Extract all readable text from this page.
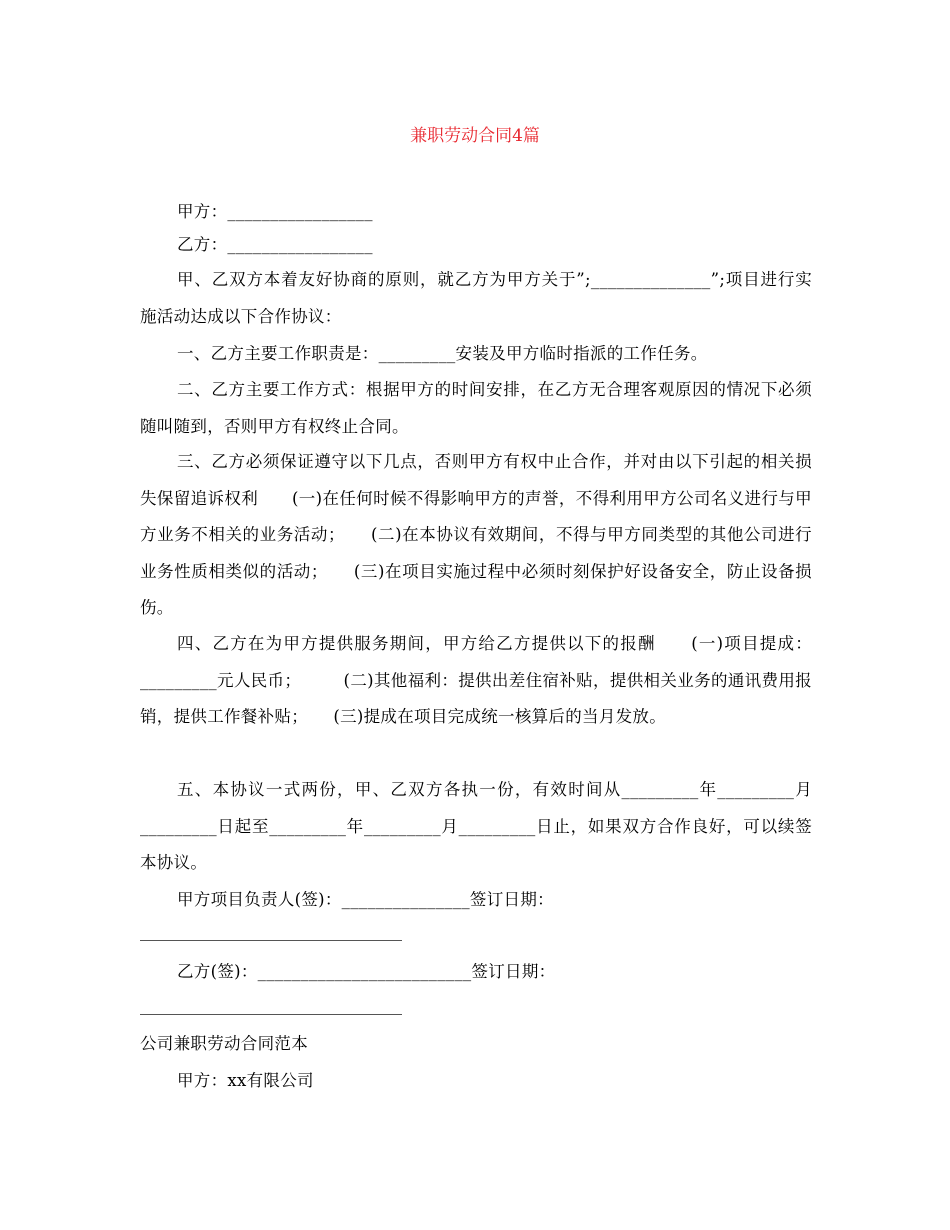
兼职劳动合同4篇
甲方：_________________
乙方：_________________
甲、乙双方本着友好协商的原则，就乙方为甲方关于”;______________”;项目进行实施活动达成以下合作协议：
一、乙方主要工作职责是：_________安装及甲方临时指派的工作任务。
二、乙方主要工作方式：根据甲方的时间安排，在乙方无合理客观原因的情况下必须随叫随到，否则甲方有权终止合同。
三、乙方必须保证遵守以下几点，否则甲方有权中止合作，并对由以下引起的相关损失保留追诉权利　　(一)在任何时候不得影响甲方的声誉，不得利用甲方公司名义进行与甲方业务不相关的业务活动；　　(二)在本协议有效期间，不得与甲方同类型的其他公司进行业务性质相类似的活动；　　(三)在项目实施过程中必须时刻保护好设备安全，防止设备损伤。
四、乙方在为甲方提供服务期间，甲方给乙方提供以下的报酬　　(一)项目提成：_________元人民币；　　　(二)其他福利：提供出差住宿补贴，提供相关业务的通讯费用报销，提供工作餐补贴；　　(三)提成在项目完成统一核算后的当月发放。
五、本协议一式两份，甲、乙双方各执一份，有效时间从_________年_________月_________日起至_________年_________月_________日止，如果双方合作良好，可以续签本协议。
甲方项目负责人(签)：_______________签订日期：
乙方(签)：_________________________签订日期：
公司兼职劳动合同范本
甲方：xx有限公司
